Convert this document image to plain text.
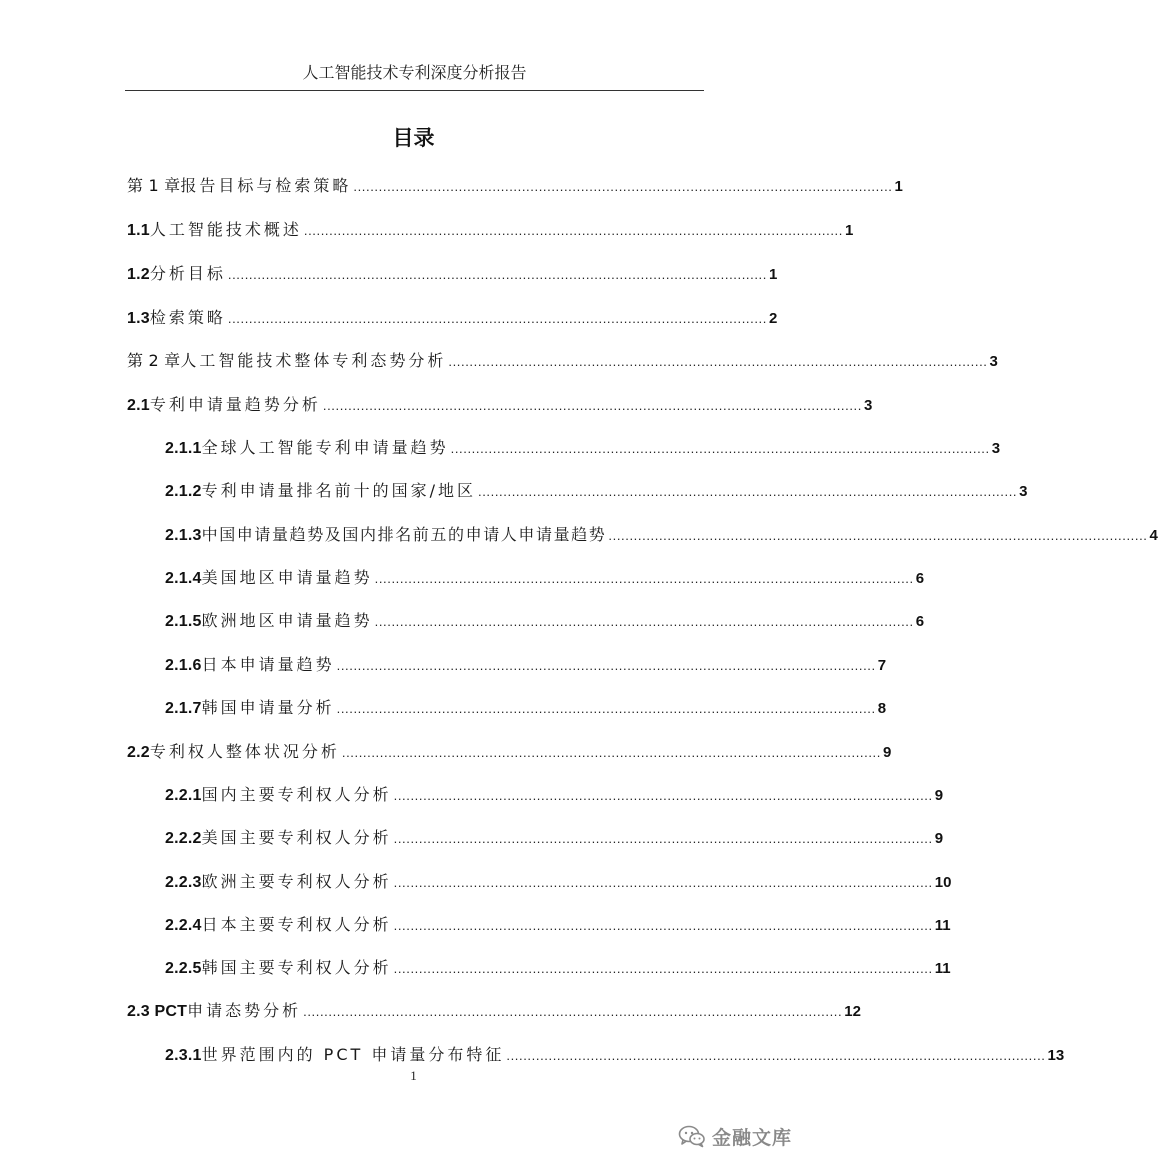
人工智能技术专利深度分析报告
目录
第 1 章 报告目标与检索策略 ................................................................................................................................ 1
1.1 人工智能技术概述 ................................................................................................................................ 1
1.2 分析目标 ................................................................................................................................ 1
1.3 检索策略 ................................................................................................................................ 2
第 2 章 人工智能技术整体专利态势分析 ................................................................................................................................ 3
2.1 专利申请量趋势分析 ................................................................................................................................ 3
2.1.1 全球人工智能专利申请量趋势 ................................................................................................................................ 3
2.1.2 专利申请量排名前十的国家/地区 ................................................................................................................................ 3
2.1.3 中国申请量趋势及国内排名前五的申请人申请量趋势 ................................................................................................................................ 4
2.1.4 美国地区申请量趋势 ................................................................................................................................ 6
2.1.5 欧洲地区申请量趋势 ................................................................................................................................ 6
2.1.6 日本申请量趋势 ................................................................................................................................ 7
2.1.7 韩国申请量分析 ................................................................................................................................ 8
2.2 专利权人整体状况分析 ................................................................................................................................ 9
2.2.1 国内主要专利权人分析 ................................................................................................................................ 9
2.2.2 美国主要专利权人分析 ................................................................................................................................ 9
2.2.3 欧洲主要专利权人分析 ................................................................................................................................ 10
2.2.4 日本主要专利权人分析 ................................................................................................................................ 11
2.2.5 韩国主要专利权人分析 ................................................................................................................................ 11
2.3 PCT 申请态势分析 ................................................................................................................................ 12
2.3.1 世界范围内的 PCT 申请量分布特征 ................................................................................................................................ 13
1
金融文库
